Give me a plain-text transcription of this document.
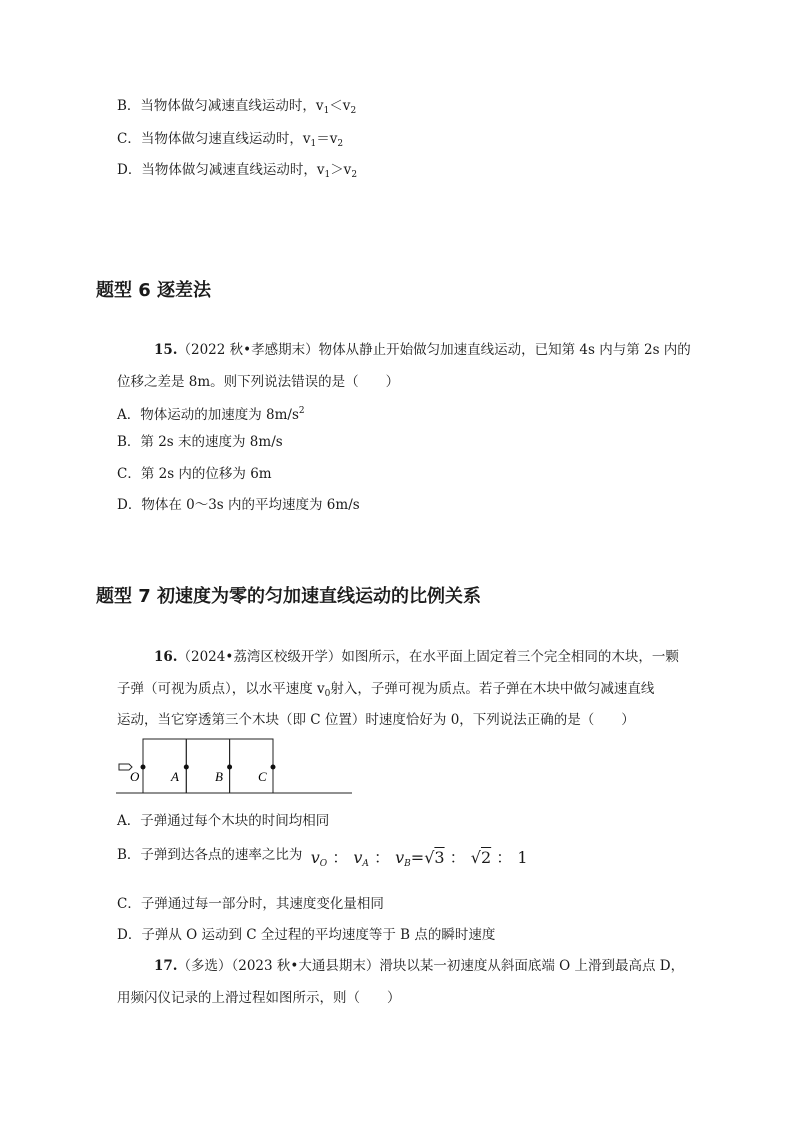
B．当物体做匀减速直线运动时，$v_1<v_2$
C．当物体做匀速直线运动时，$v_1=v_2$
D．当物体做匀减速直线运动时，$v_1>v_2$
题型 6 逐差法
15.（2022 秋•孝感期末）物体从静止开始做匀加速直线运动，已知第 4s 内与第 2s 内的
位移之差是 8m。则下列说法错误的是（　　）
A．物体运动的加速度为 $8m/s^2$
B．第 2s 末的速度为 8m/s
C．第 2s 内的位移为 6m
D．物体在 0～3s 内的平均速度为 6m/s
题型 7 初速度为零的匀加速直线运动的比例关系
16.（2024•荔湾区校级开学）如图所示，在水平面上固定着三个完全相同的木块，一颗
子弹（可视为质点），以水平速度 $v_0$射入，子弹可视为质点。若子弹在木块中做匀减速直线
运动，当它穿透第三个木块（即 C 位置）时速度恰好为 0，下列说法正确的是（　　）
O A	B	C
A．子弹通过每个木块的时间均相同
B．子弹到达各点的速率之比为 $v_O$ ： $v_A$ ： $v_B=√3$ ： √2 ： 1
C．子弹通过每一部分时，其速度变化量相同
D．子弹从 O 运动到 C 全过程的平均速度等于 B 点的瞬时速度
17.（多选）（2023 秋•大通县期末）滑块以某一初速度从斜面底端 O 上滑到最高点 D，
用频闪仪记录的上滑过程如图所示，则（　　）
